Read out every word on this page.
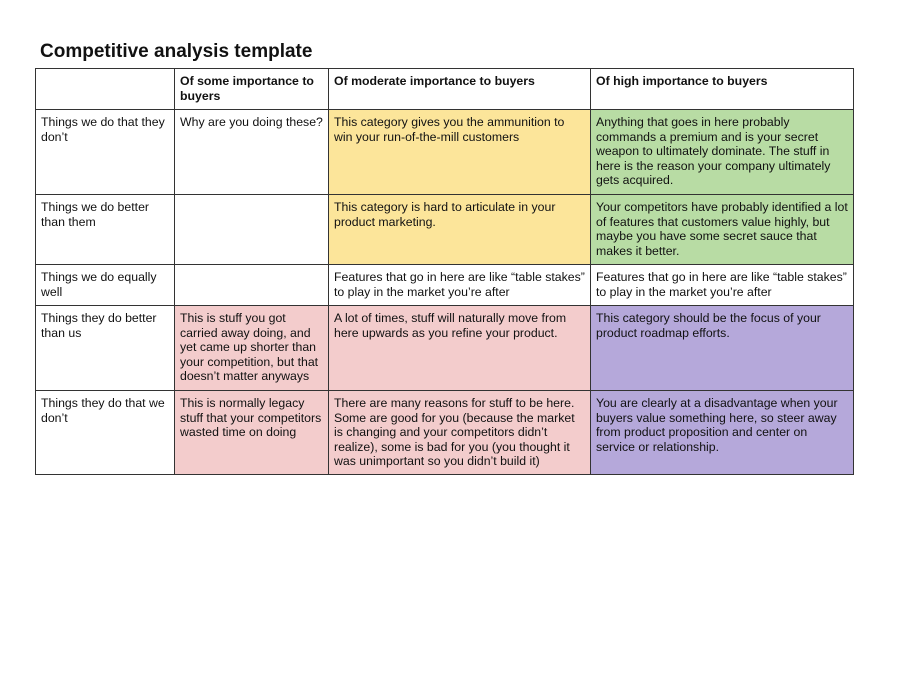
Competitive analysis template
	Of some importance to buyers	Of moderate importance to buyers	Of high importance to buyers
Things we do that they don’t	Why are you doing these?	This category gives you the ammunition to win your run-of-the-mill customers	Anything that goes in here probably commands a premium and is your secret weapon to ultimately dominate. The stuff in here is the reason your company ultimately gets acquired.
Things we do better than them		This category is hard to articulate in your product marketing.	Your competitors have probably identified a lot of features that customers value highly, but maybe you have some secret sauce that makes it better.
Things we do equally well		Features that go in here are like “table stakes” to play in the market you’re after	Features that go in here are like “table stakes” to play in the market you’re after
Things they do better than us	This is stuff you got carried away doing, and yet came up shorter than your competition, but that doesn’t matter anyways	A lot of times, stuff will naturally move from here upwards as you refine your product.	This category should be the focus of your product roadmap efforts.
Things they do that we don’t	This is normally legacy stuff that your competitors wasted time on doing	There are many reasons for stuff to be here. Some are good for you (because the market is changing and your competitors didn’t realize), some is bad for you (you thought it was unimportant so you didn’t build it)	You are clearly at a disadvantage when your buyers value something here, so steer away from product proposition and center on service or relationship.
